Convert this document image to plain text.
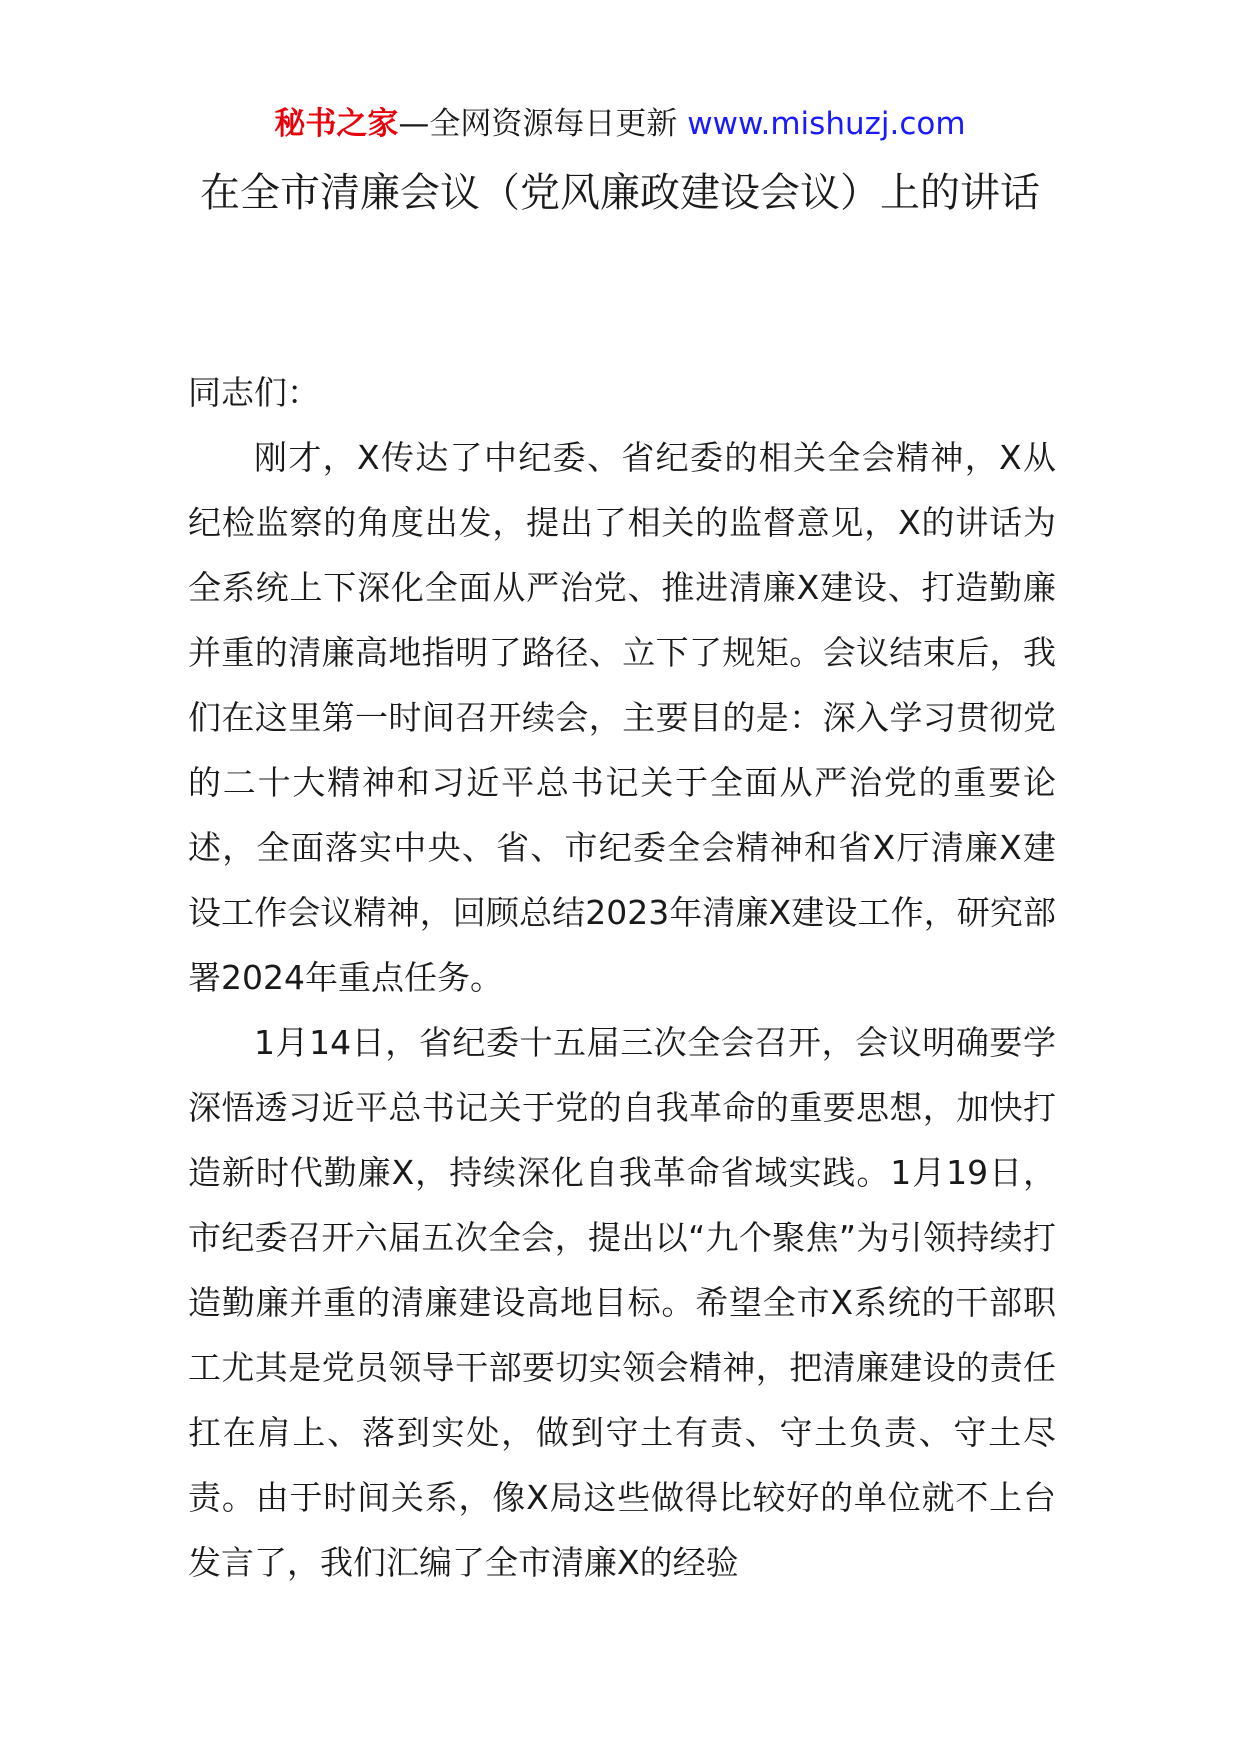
秘书之家—全网资源每日更新 www.mishuzj.com
在全市清廉会议（党风廉政建设会议）上的讲话

同志们：

刚才，X传达了中纪委、省纪委的相关全会精神，X从纪检监察的角度出发，提出了相关的监督意见，X的讲话为全系统上下深化全面从严治党、推进清廉X建设、打造勤廉并重的清廉高地指明了路径、立下了规矩。会议结束后，我们在这里第一时间召开续会，主要目的是：深入学习贯彻党的二十大精神和习近平总书记关于全面从严治党的重要论述，全面落实中央、省、市纪委全会精神和省X厅清廉X建设工作会议精神，回顾总结2023年清廉X建设工作，研究部署2024年重点任务。

1月14日，省纪委十五届三次全会召开，会议明确要学深悟透习近平总书记关于党的自我革命的重要思想，加快打造新时代勤廉X，持续深化自我革命省域实践。1月19日，市纪委召开六届五次全会，提出以“九个聚焦”为引领持续打造勤廉并重的清廉建设高地目标。希望全市X系统的干部职工尤其是党员领导干部要切实领会精神，把清廉建设的责任扛在肩上、落到实处，做到守土有责、守土负责、守土尽责。由于时间关系，像X局这些做得比较好的单位就不上台发言了，我们汇编了全市清廉X的经验
